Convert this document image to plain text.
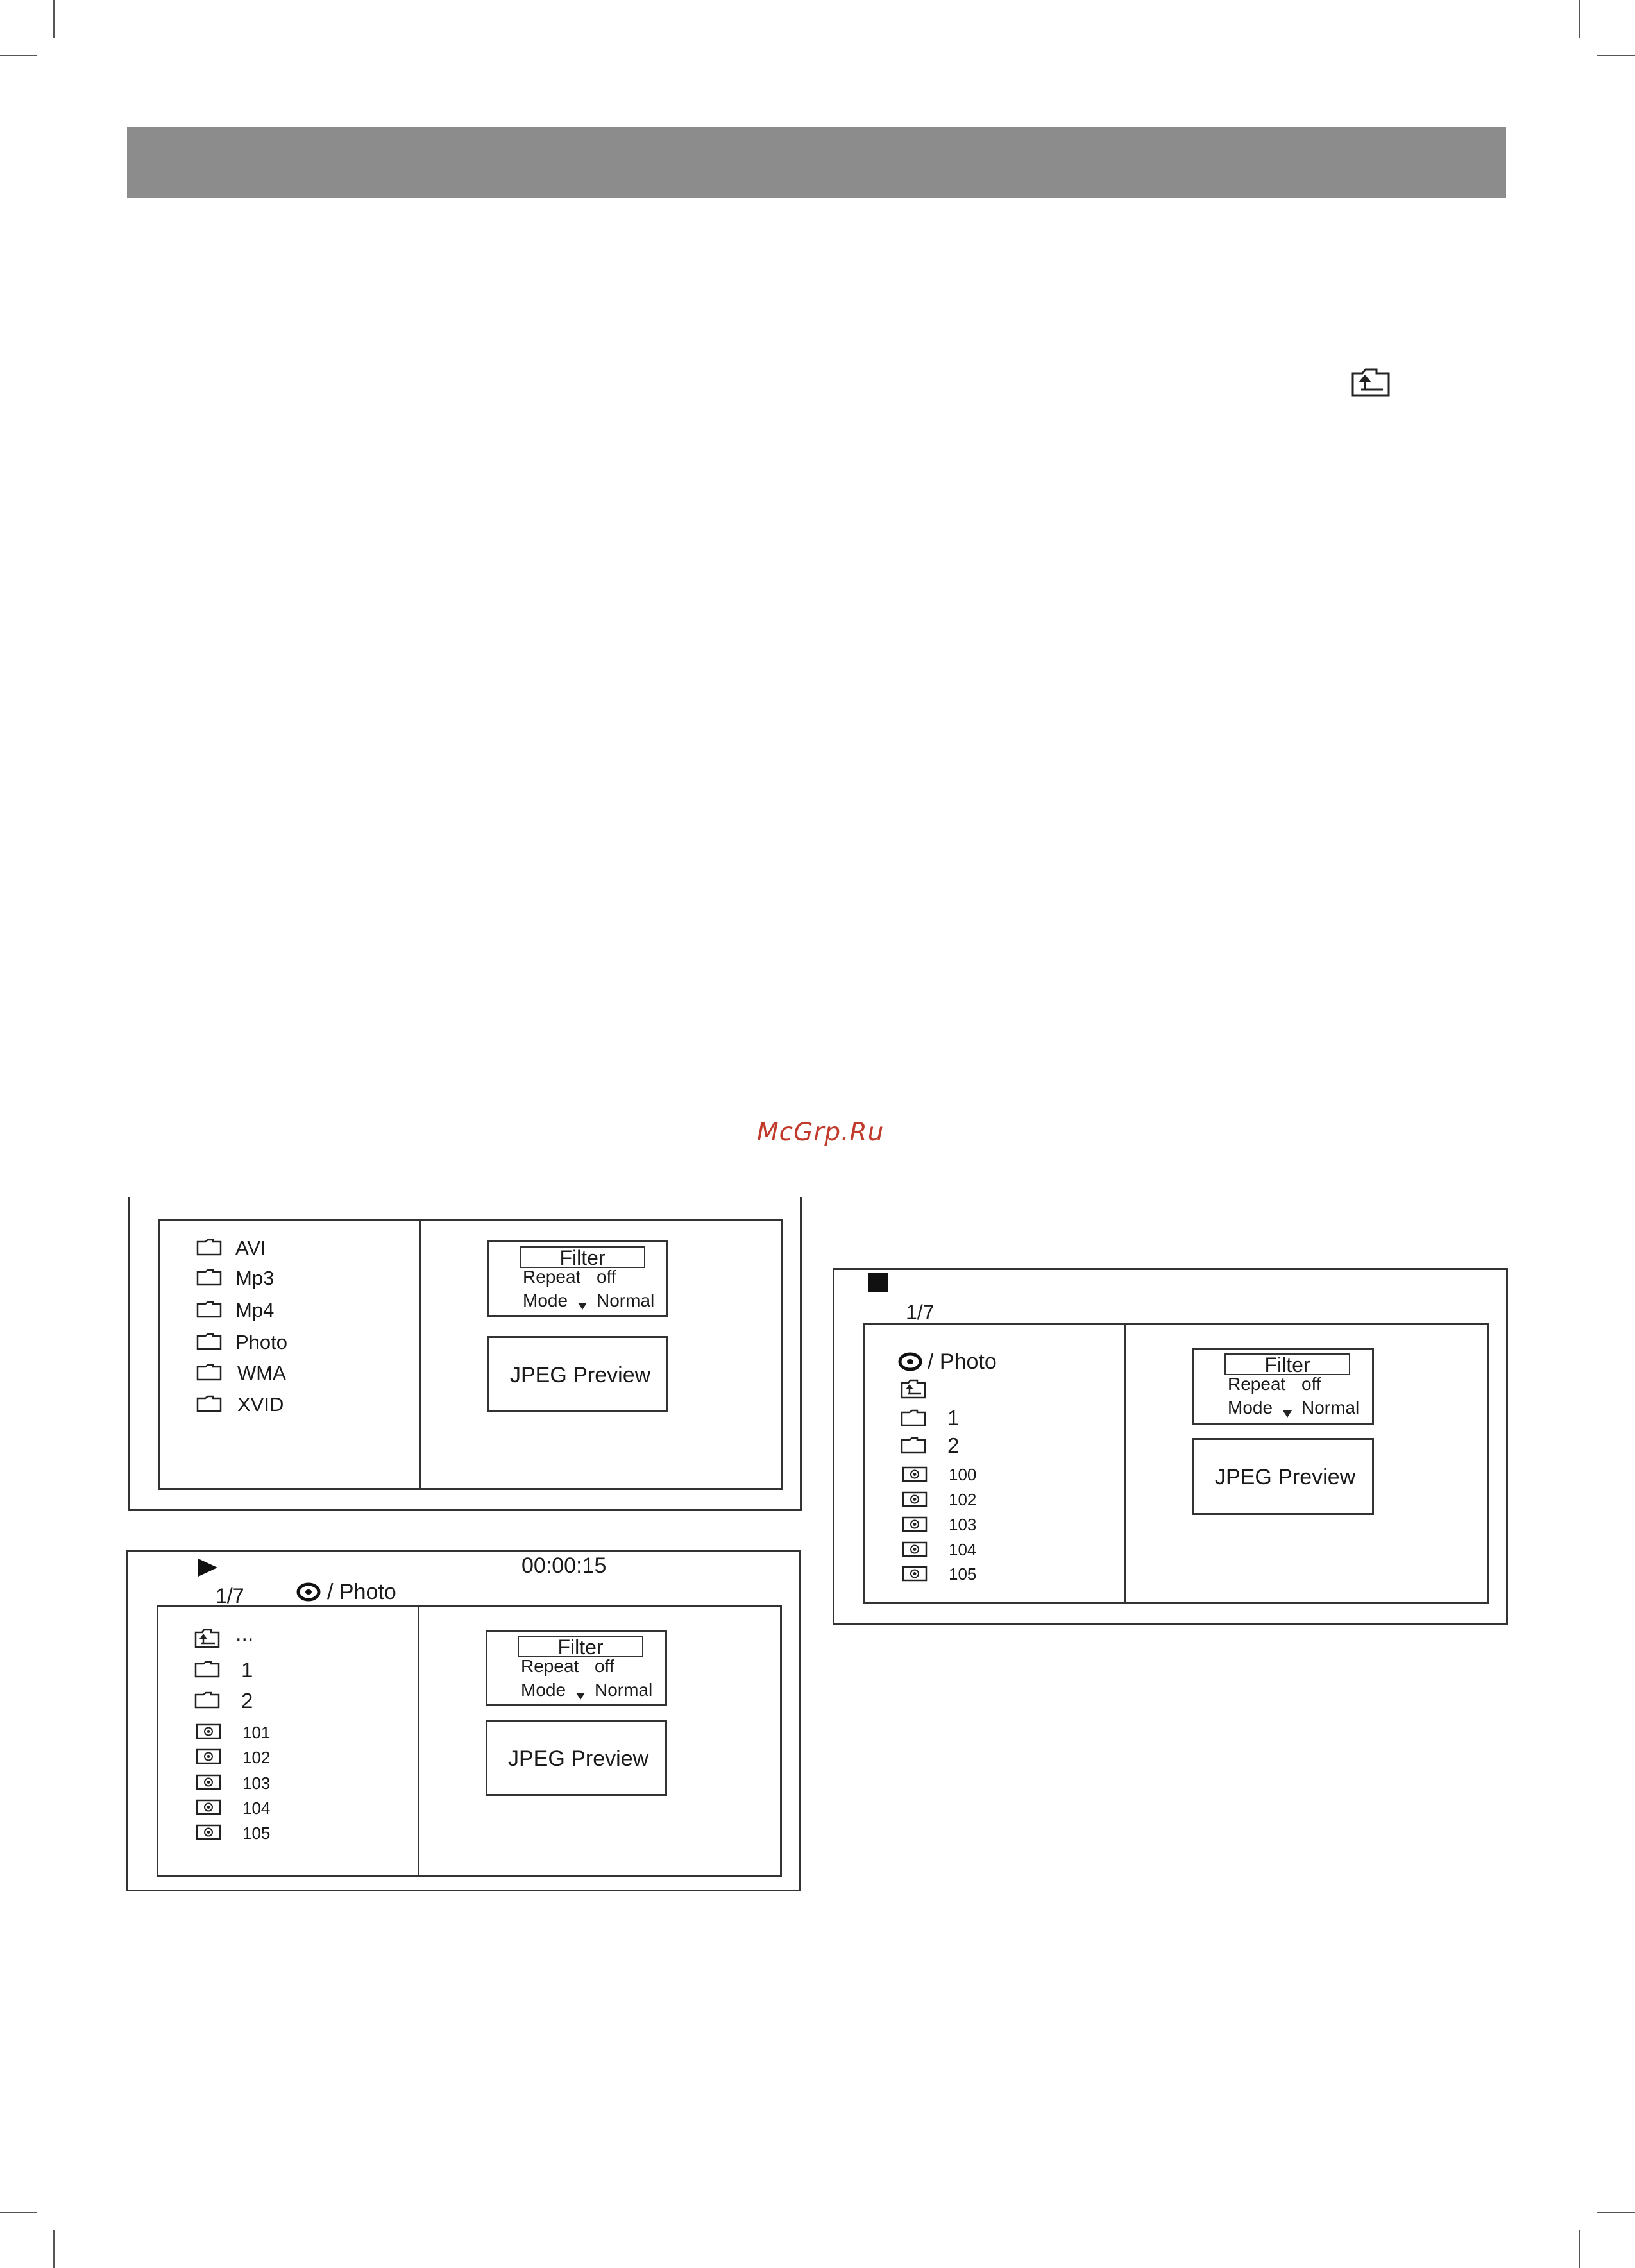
McGrp.Ru
AVI
Mp3
Mp4
Photo
WMA
XVID
Filter
Repeat off
Mode Normal
JPEG Preview
00:00:15
1/7	/ Photo
...
1
2
101
102
103
104
105
Filter
Repeat off
Mode Normal
JPEG Preview
1/7
/ Photo
1
2
100
102
103
104
105
Filter
Repeat off
Mode Normal
JPEG Preview
